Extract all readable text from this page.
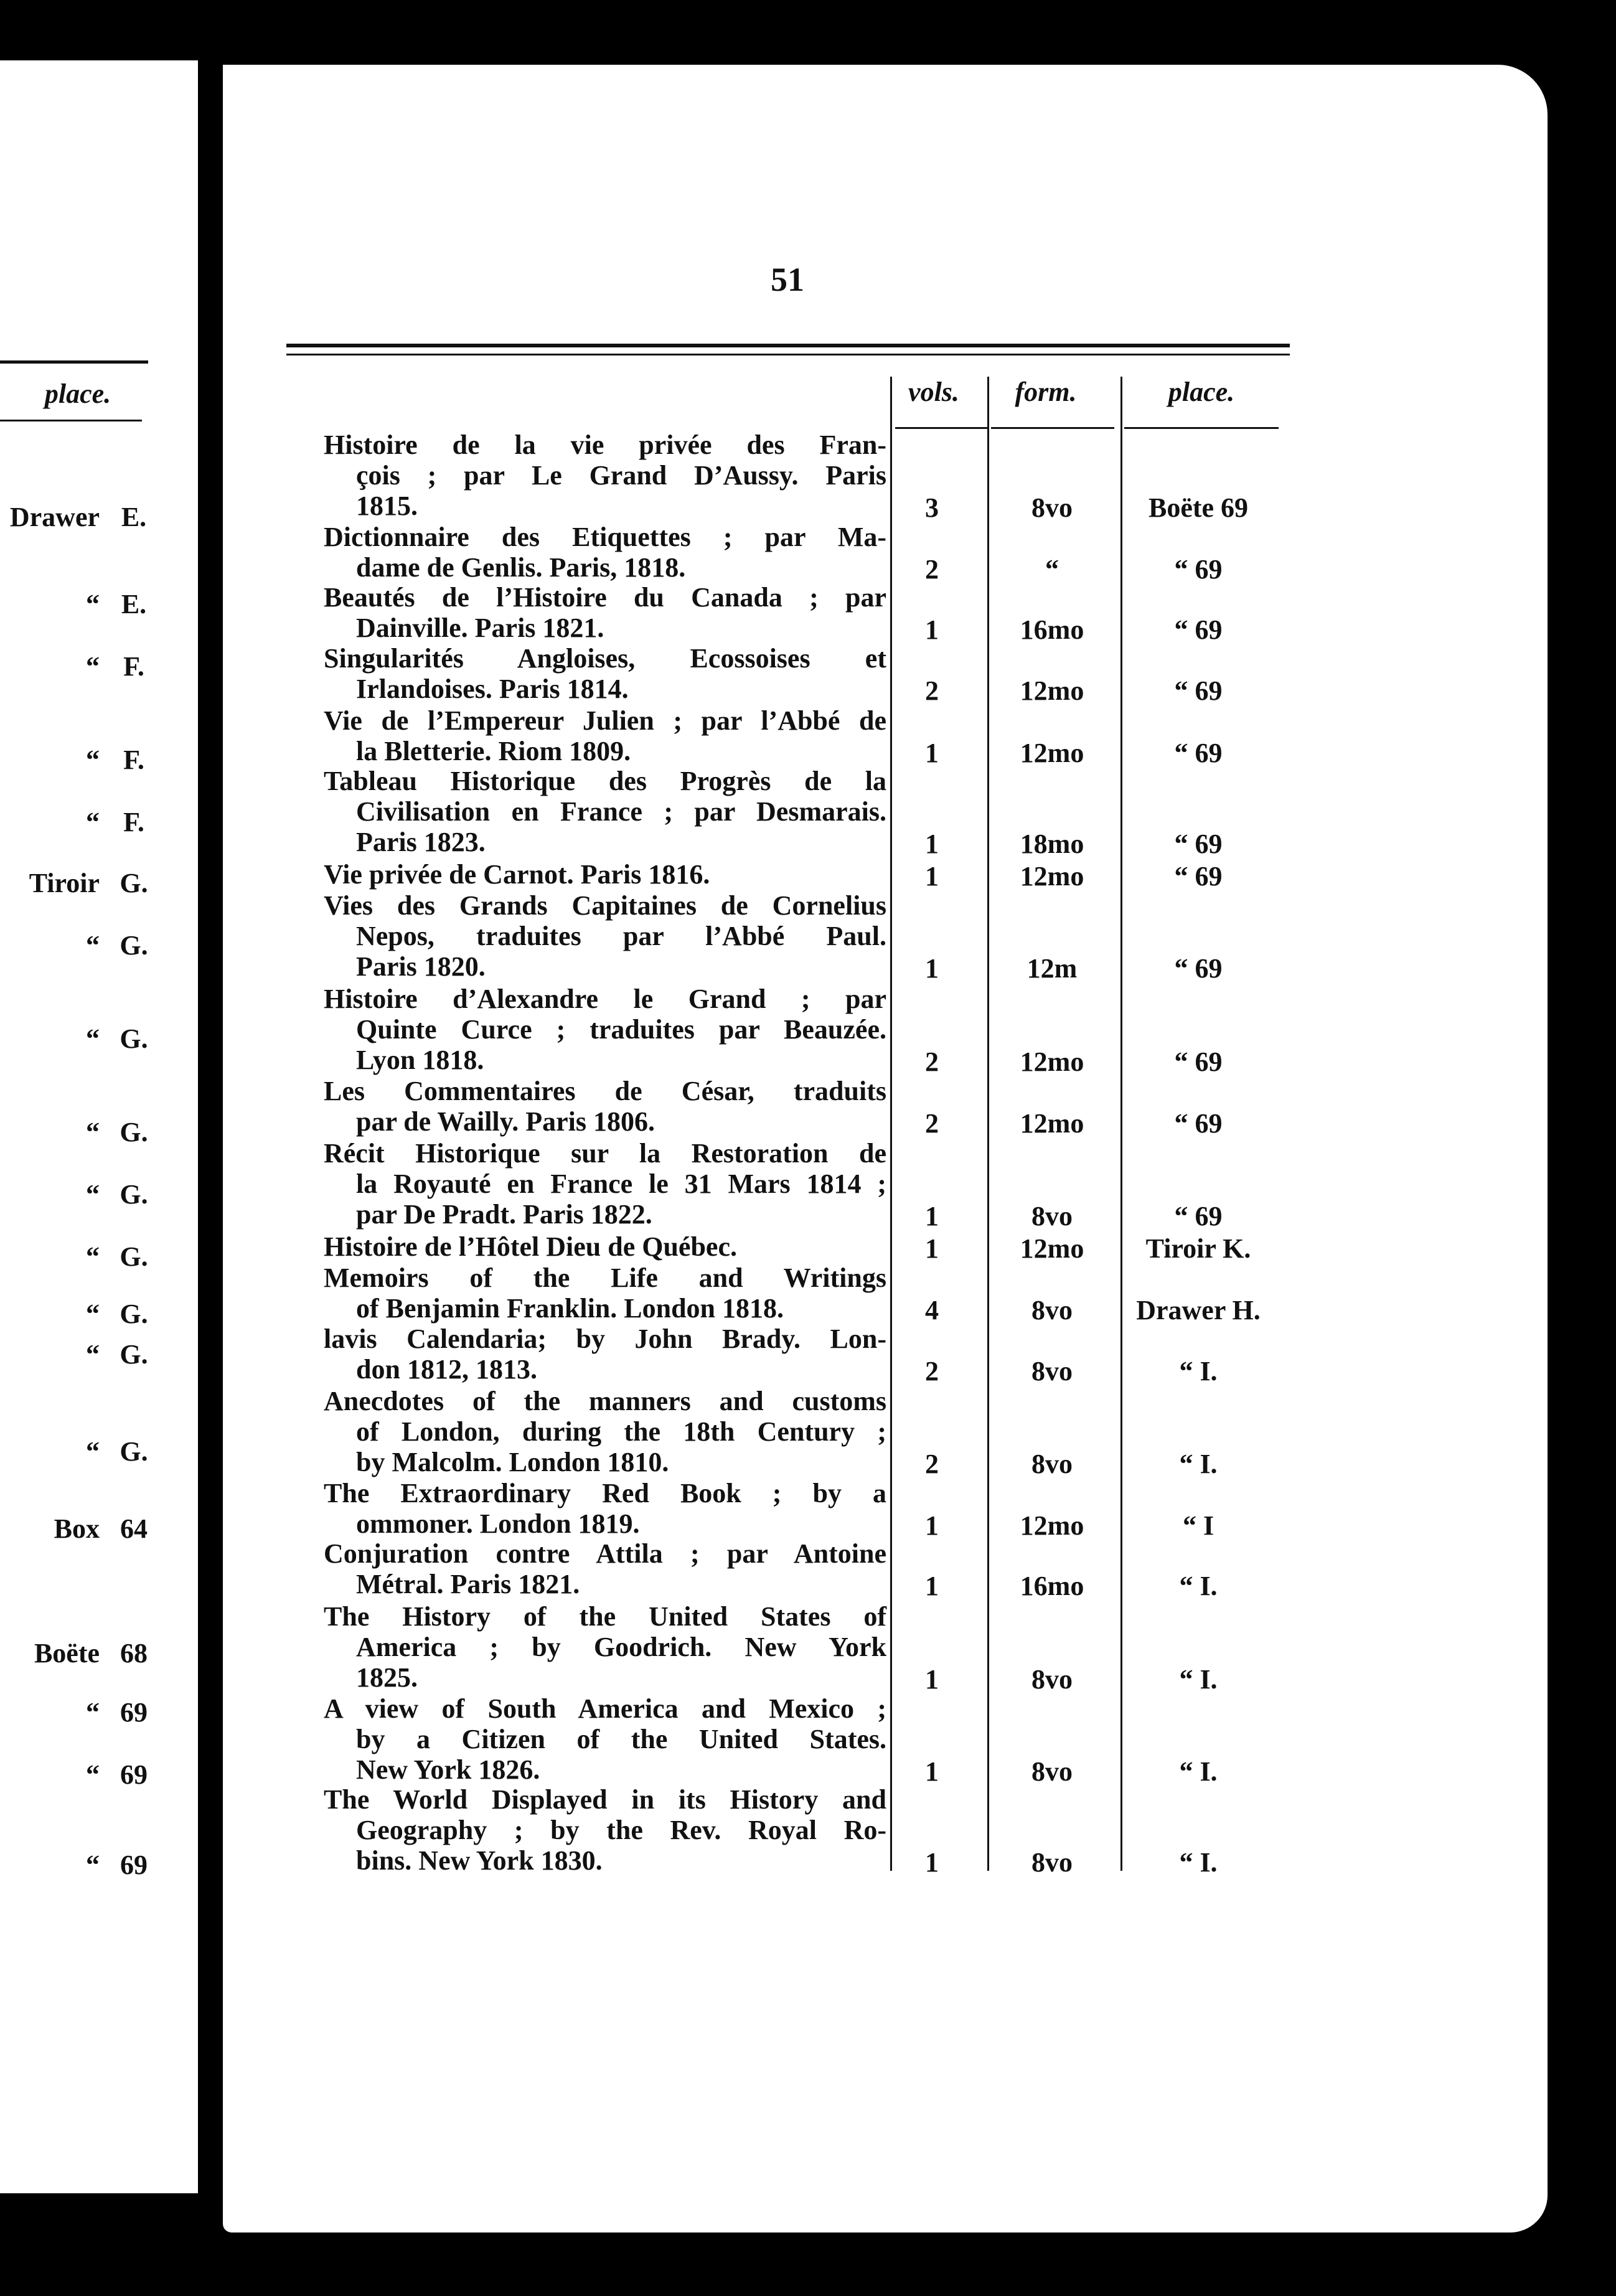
place.
Drawer E.
“ E.
“ F.
“ F.
“ F.
Tiroir G.
“ G.
“ G.
“ G.
“ G.
“ G.
“ G.
“ G.
“ G.
Box 64
Boëte 68
“ 69
“ 69
“ 69
51
vols.	form.	place.
Histoire de la vie privée des Fran-
çois ; par Le Grand D’Aussy. Paris
1815.	3	8vo	Boëte 69
Dictionnaire des Etiquettes ; par Ma-
dame de Genlis. Paris, 1818.	2	“	“ 69
Beautés de l’Histoire du Canada ; par
Dainville. Paris 1821.	1	16mo	“ 69
Singularités Angloises, Ecossoises et
Irlandoises. Paris 1814.	2	12mo	“ 69
Vie de l’Empereur Julien ; par l’Abbé de
la Bletterie. Riom 1809.	1	12mo	“ 69
Tableau Historique des Progrès de la
Civilisation en France ; par Desmarais.
Paris 1823.	1	18mo	“ 69
Vie privée de Carnot. Paris 1816.	1	12mo	“ 69
Vies des Grands Capitaines de Cornelius
Nepos, traduites par l’Abbé Paul.
Paris 1820.	1	12m	“ 69
Histoire d’Alexandre le Grand ; par
Quinte Curce ; traduites par Beauzée.
Lyon 1818.	2	12mo	“ 69
Les Commentaires de César, traduits
par de Wailly. Paris 1806.	2	12mo	“ 69
Récit Historique sur la Restoration de
la Royauté en France le 31 Mars 1814 ;
par De Pradt. Paris 1822.	1	8vo	“ 69
Histoire de l’Hôtel Dieu de Québec.	1	12mo	Tiroir K.
Memoirs of the Life and Writings
of Benjamin Franklin. London 1818.	4	8vo	Drawer H.
lavis Calendaria; by John Brady. Lon-
don 1812, 1813.	2	8vo	“ I.
Anecdotes of the manners and customs
of London, during the 18th Century ;
by Malcolm. London 1810.	2	8vo	“ I.
The Extraordinary Red Book ; by a
ommoner. London 1819.	1	12mo	“ I
Conjuration contre Attila ; par Antoine
Métral. Paris 1821.	1	16mo	“ I.
The History of the United States of
America ; by Goodrich. New York
1825.	1	8vo	“ I.
A view of South America and Mexico ;
by a Citizen of the United States.
New York 1826.	1	8vo	“ I.
The World Displayed in its History and
Geography ; by the Rev. Royal Ro-
bins. New York 1830.	1	8vo	“ I.
